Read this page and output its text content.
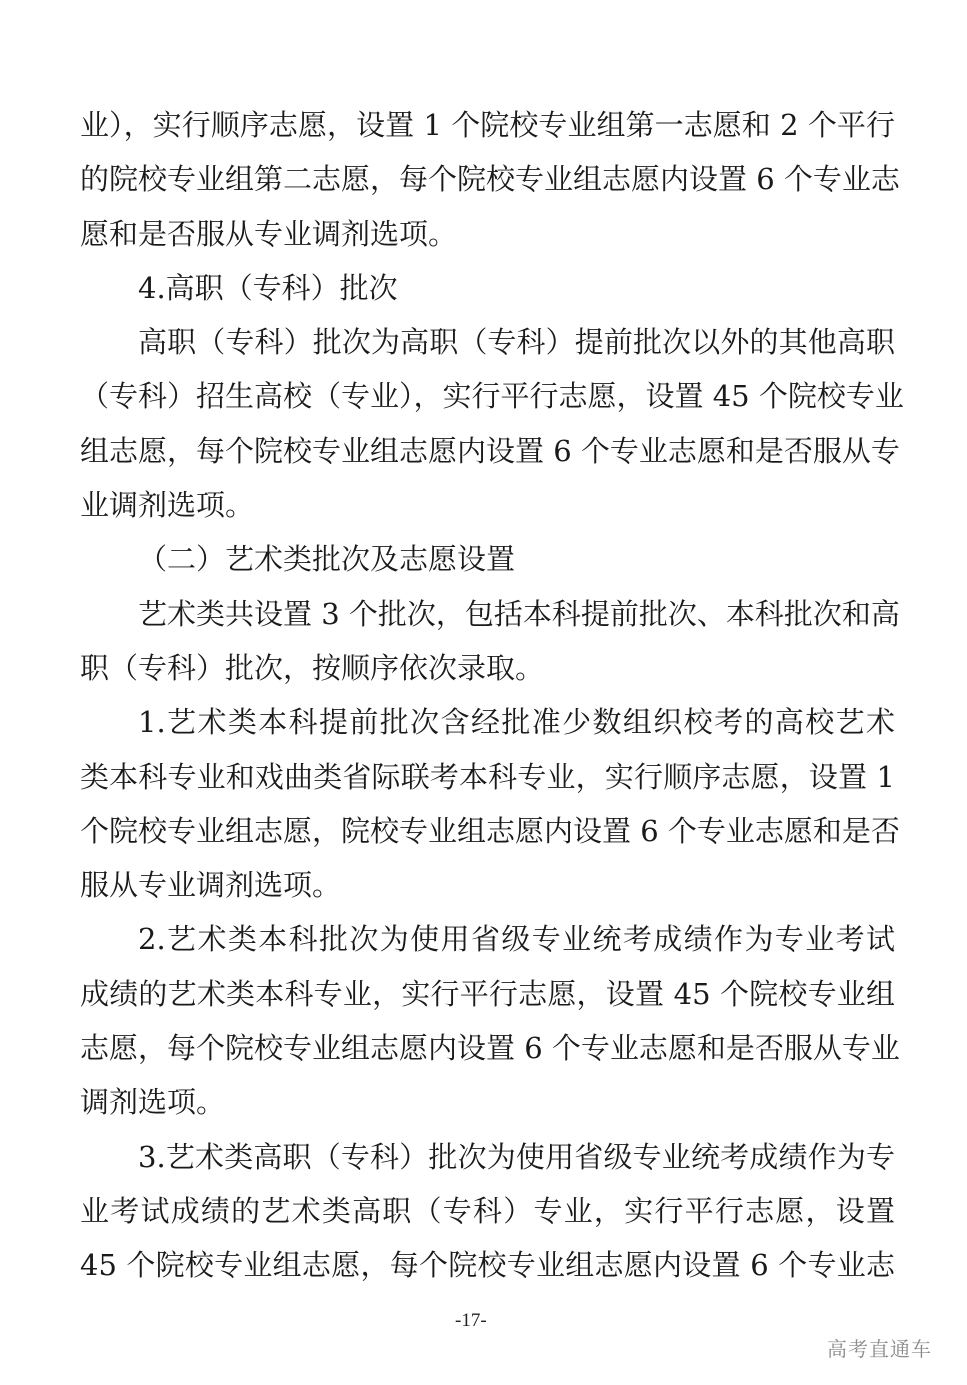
业），实行顺序志愿，设置 1 个院校专业组第一志愿和 2 个平行
的院校专业组第二志愿，每个院校专业组志愿内设置 6 个专业志
愿和是否服从专业调剂选项。
4.高职（专科）批次
高职（专科）批次为高职（专科）提前批次以外的其他高职
（专科）招生高校（专业），实行平行志愿，设置 45 个院校专业
组志愿，每个院校专业组志愿内设置 6 个专业志愿和是否服从专
业调剂选项。
（二）艺术类批次及志愿设置
艺术类共设置 3 个批次，包括本科提前批次、本科批次和高
职（专科）批次，按顺序依次录取。
1.艺术类本科提前批次含经批准少数组织校考的高校艺术
类本科专业和戏曲类省际联考本科专业，实行顺序志愿，设置 1
个院校专业组志愿，院校专业组志愿内设置 6 个专业志愿和是否
服从专业调剂选项。
2.艺术类本科批次为使用省级专业统考成绩作为专业考试
成绩的艺术类本科专业，实行平行志愿，设置 45 个院校专业组
志愿，每个院校专业组志愿内设置 6 个专业志愿和是否服从专业
调剂选项。
3.艺术类高职（专科）批次为使用省级专业统考成绩作为专
业考试成绩的艺术类高职（专科）专业，实行平行志愿，设置
45 个院校专业组志愿，每个院校专业组志愿内设置 6 个专业志
-17-
高考直通车
